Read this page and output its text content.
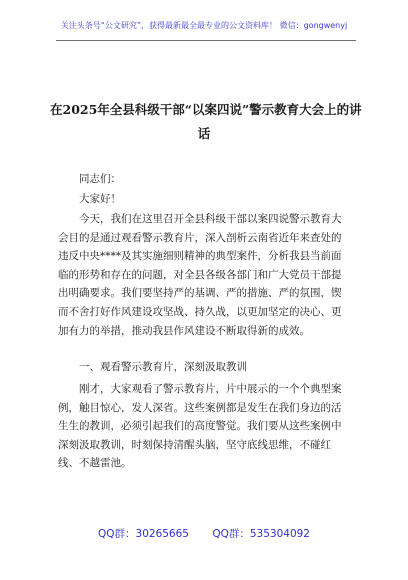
关注头条号“公文研究”，获得最新最全最专业的公文资料库！ 微信：gongwenyj
在2025年全县科级干部“以案四说”警示教育大会上的讲
话

同志们：

大家好！

今天，我们在这里召开全县科级干部以案四说警示教育大会目的是通过观看警示教育片，深入剖析云南省近年来查处的违反中央****及其实施细则精神的典型案件，分析我县当前面临的形势和存在的问题，对全县各级各部门和广大党员干部提出明确要求。我们要坚持严的基调、严的措施、严的氛围，锲而不舍打好作风建设攻坚战、持久战，以更加坚定的决心、更加有力的举措，推动我县作风建设不断取得新的成效。

一、观看警示教育片，深刻汲取教训

刚才，大家观看了警示教育片，片中展示的一个个典型案例，触目惊心，发人深省。这些案例都是发生在我们身边的活生生的教训，必须引起我们的高度警觉。我们要从这些案例中深刻汲取教训，时刻保持清醒头脑，坚守底线思维，不碰红线、不越雷池。

QQ群：30265665 QQ群：535304092
